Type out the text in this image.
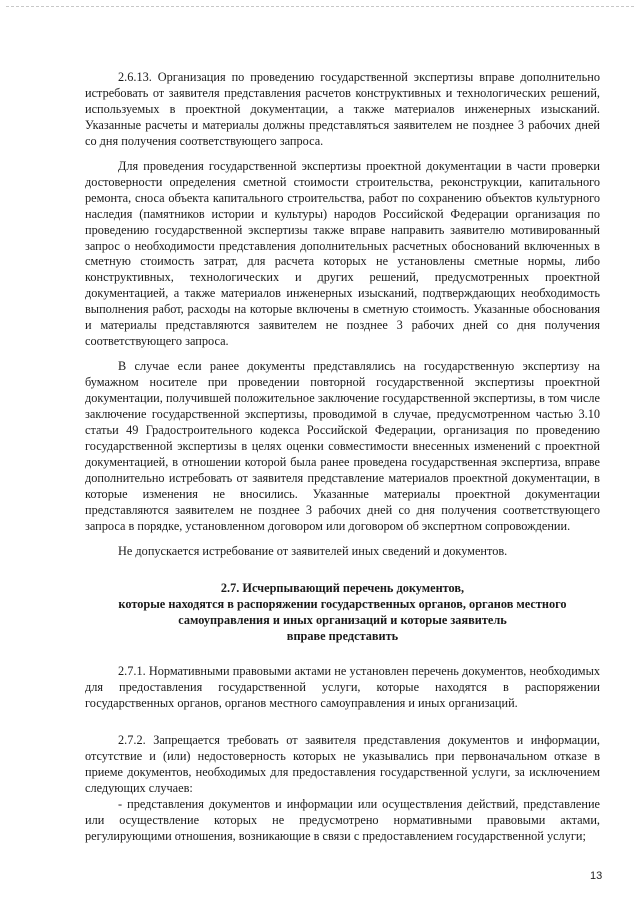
2.6.13. Организация по проведению государственной экспертизы вправе дополнительно истребовать от заявителя представления расчетов конструктивных и технологических решений, используемых в проектной документации, а также материалов инженерных изысканий. Указанные расчеты и материалы должны представляться заявителем не позднее 3 рабочих дней со дня получения соответствующего запроса.

Для проведения государственной экспертизы проектной документации в части проверки достоверности определения сметной стоимости строительства, реконструкции, капитального ремонта, сноса объекта капитального строительства, работ по сохранению объектов культурного наследия (памятников истории и культуры) народов Российской Федерации организация по проведению государственной экспертизы также вправе направить заявителю мотивированный запрос о необходимости представления дополнительных расчетных обоснований включенных в сметную стоимость затрат, для расчета которых не установлены сметные нормы, либо конструктивных, технологических и других решений, предусмотренных проектной документацией, а также материалов инженерных изысканий, подтверждающих необходимость выполнения работ, расходы на которые включены в сметную стоимость. Указанные обоснования и материалы представляются заявителем не позднее 3 рабочих дней со дня получения соответствующего запроса.

В случае если ранее документы представлялись на государственную экспертизу на бумажном носителе при проведении повторной государственной экспертизы проектной документации, получившей положительное заключение государственной экспертизы, в том числе заключение государственной экспертизы, проводимой в случае, предусмотренном частью 3.10 статьи 49 Градостроительного кодекса Российской Федерации, организация по проведению государственной экспертизы в целях оценки совместимости внесенных изменений с проектной документацией, в отношении которой была ранее проведена государственная экспертиза, вправе дополнительно истребовать от заявителя представление материалов проектной документации, в которые изменения не вносились. Указанные материалы проектной документации представляются заявителем не позднее 3 рабочих дней со дня получения соответствующего запроса в порядке, установленном договором или договором об экспертном сопровождении.

Не допускается истребование от заявителей иных сведений и документов.

2.7. Исчерпывающий перечень документов,
которые находятся в распоряжении государственных органов, органов местного
самоуправления и иных организаций и которые заявитель
вправе представить

2.7.1. Нормативными правовыми актами не установлен перечень документов, необходимых для предоставления государственной услуги, которые находятся в распоряжении государственных органов, органов местного самоуправления и иных организаций.

2.7.2. Запрещается требовать от заявителя представления документов и информации, отсутствие и (или) недостоверность которых не указывались при первоначальном отказе в приеме документов, необходимых для предоставления государственной услуги, за исключением следующих случаев:

- представления документов и информации или осуществления действий, представление или осуществление которых не предусмотрено нормативными правовыми актами, регулирующими отношения, возникающие в связи с предоставлением государственной услуги;

13
